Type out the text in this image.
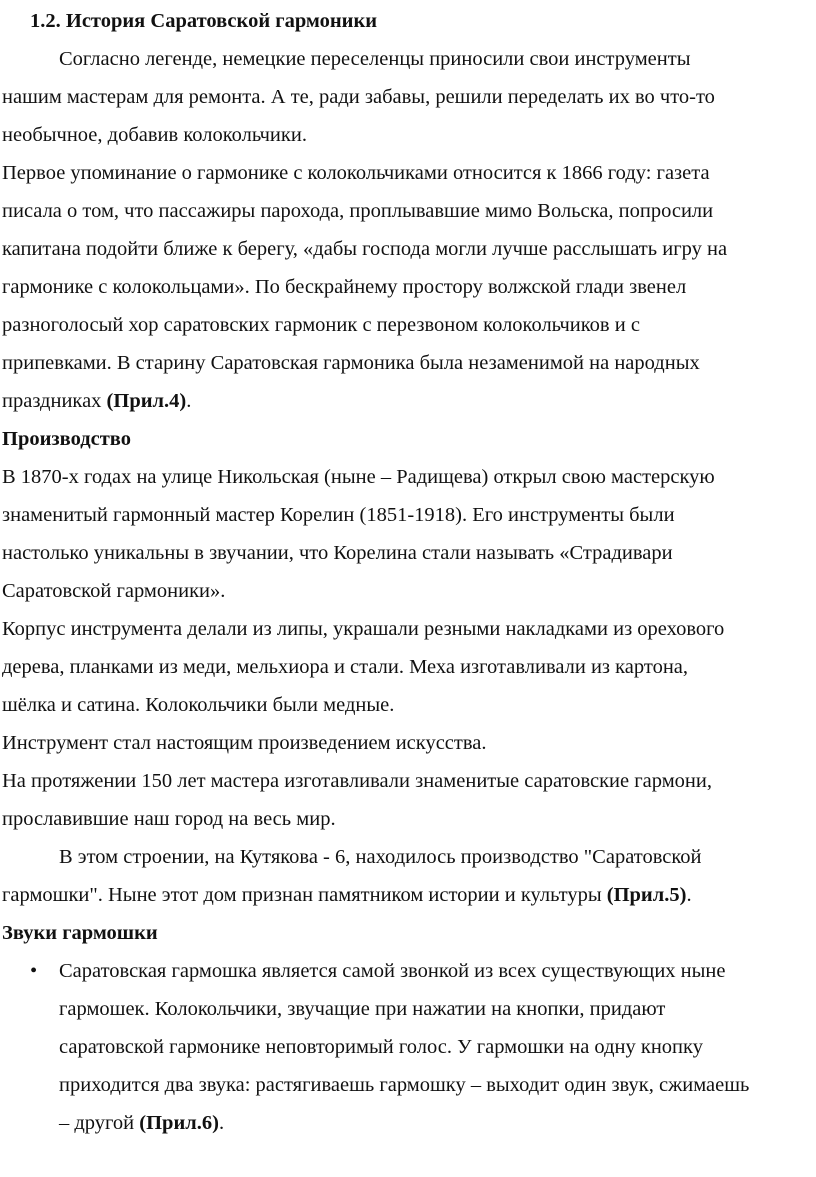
1.2. История Саратовской гармоники
Согласно легенде, немецкие переселенцы приносили свои инструменты
нашим мастерам для ремонта. А те, ради забавы, решили переделать их во что-то
необычное, добавив колокольчики.
Первое упоминание о гармонике с колокольчиками относится к 1866 году: газета
писала о том, что пассажиры парохода, проплывавшие мимо Вольска, попросили
капитана подойти ближе к берегу, «дабы господа могли лучше расслышать игру на
гармонике с колокольцами». По бескрайнему простору волжской глади звенел
разноголосый хор саратовских гармоник с перезвоном колокольчиков и с
припевками. В старину Саратовская гармоника была незаменимой на народных
праздниках (Прил.4).
Производство
В 1870-х годах на улице Никольская (ныне – Радищева) открыл свою мастерскую
знаменитый гармонный мастер Корелин (1851-1918). Его инструменты были
настолько уникальны в звучании, что Корелина стали называть «Страдивари
Саратовской гармоники».
Корпус инструмента делали из липы, украшали резными накладками из орехового
дерева, планками из меди, мельхиора и стали. Меха изготавливали из картона,
шёлка и сатина. Колокольчики были медные.
Инструмент стал настоящим произведением искусства.
На протяжении 150 лет мастера изготавливали знаменитые саратовские гармони,
прославившие наш город на весь мир.
В этом строении, на Кутякова - 6, находилось производство "Саратовской
гармошки". Ныне этот дом признан памятником истории и культуры (Прил.5).
Звуки гармошки
• Саратовская гармошка является самой звонкой из всех существующих ныне
гармошек. Колокольчики, звучащие при нажатии на кнопки, придают
саратовской гармонике неповторимый голос. У гармошки на одну кнопку
приходится два звука: растягиваешь гармошку – выходит один звук, сжимаешь
– другой (Прил.6).
